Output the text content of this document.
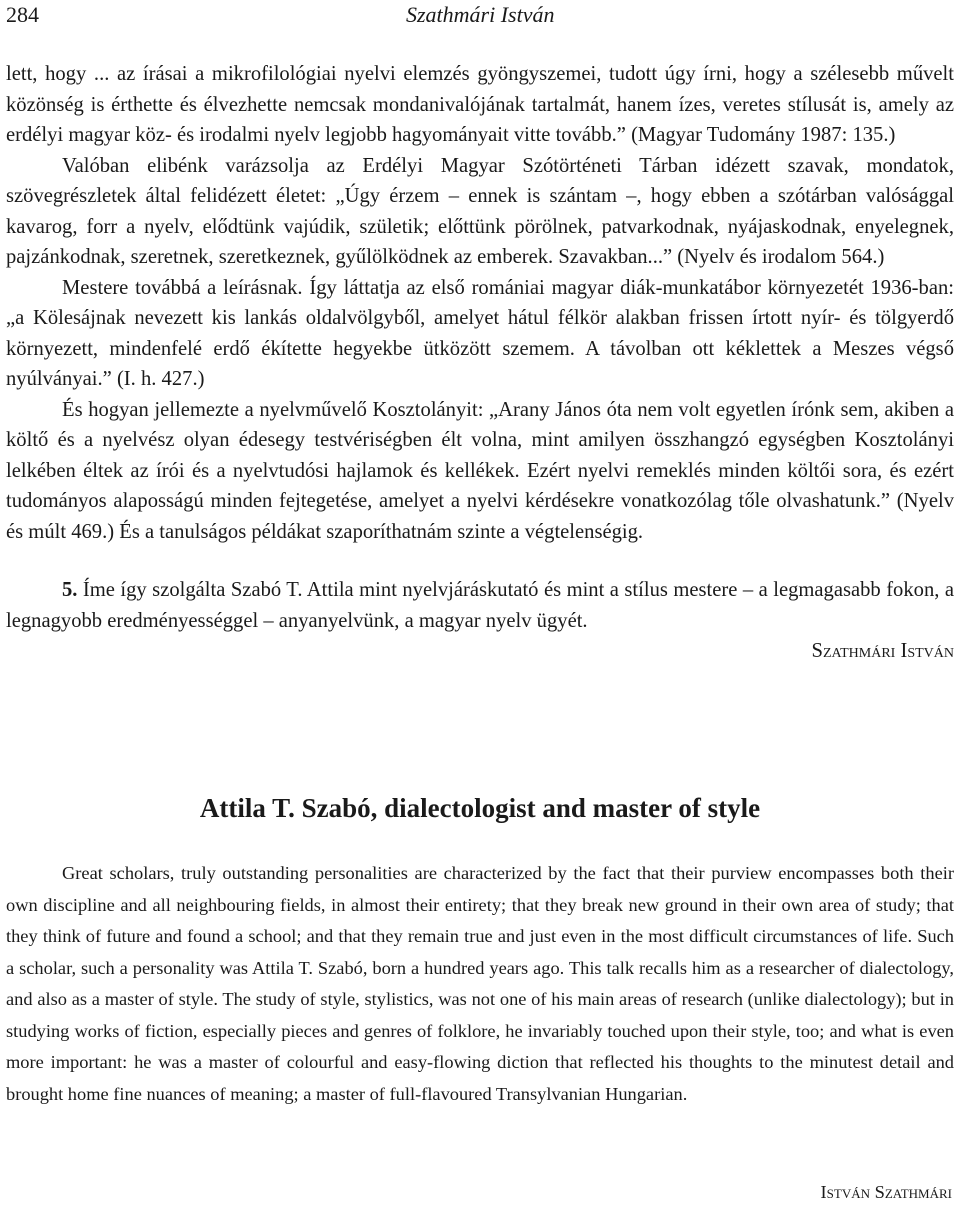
284	Szathmári István

lett, hogy ... az írásai a mikrofilológiai nyelvi elemzés gyöngyszemei, tudott úgy írni, hogy a szélesebb művelt közönség is érthette és élvezhette nemcsak mondanivalójának tartalmát, hanem ízes, veretes stílusát is, amely az erdélyi magyar köz- és irodalmi nyelv legjobb hagyományait vitte tovább.” (Magyar Tudomány 1987: 135.)

Valóban elibénk varázsolja az Erdélyi Magyar Szótörténeti Tárban idézett szavak, mondatok, szövegrészletek által felidézett életet: „Úgy érzem – ennek is szántam –, hogy ebben a szótárban valósággal kavarog, forr a nyelv, elődtünk vajúdik, születik; előttünk pörölnek, patvarkodnak, nyájaskodnak, enyelegnek, pajzánkodnak, szeretnek, szeretkeznek, gyűlölködnek az emberek. Szavakban...” (Nyelv és irodalom 564.)

Mestere továbbá a leírásnak. Így láttatja az első romániai magyar diák-munkatábor környezetét 1936-ban: „a Kölesájnak nevezett kis lankás oldalvölgyből, amelyet hátul félkör alakban frissen írtott nyír- és tölgyerdő környezett, mindenfelé erdő ékítette hegyekbe ütközött szemem. A távolban ott kéklettek a Meszes végső nyúlványai.” (I. h. 427.)

És hogyan jellemezte a nyelvművelő Kosztolányit: „Arany János óta nem volt egyetlen írónk sem, akiben a költő és a nyelvész olyan édesegy testvériségben élt volna, mint amilyen összhangzó egységben Kosztolányi lelkében éltek az írói és a nyelvtudósi hajlamok és kellékek. Ezért nyelvi remeklés minden költői sora, és ezért tudományos alaposságú minden fejtegetése, amelyet a nyelvi kérdésekre vonatkozólag tőle olvashatunk.” (Nyelv és múlt 469.) És a tanulságos példákat szaporíthatnám szinte a végtelenségig.

5. Íme így szolgálta Szabó T. Attila mint nyelvjáráskutató és mint a stílus mestere – a legmagasabb fokon, a legnagyobb eredményességgel – anyanyelvünk, a magyar nyelv ügyét.

Szathmári István

Attila T. Szabó, dialectologist and master of style

Great scholars, truly outstanding personalities are characterized by the fact that their purview encompasses both their own discipline and all neighbouring fields, in almost their entirety; that they break new ground in their own area of study; that they think of future and found a school; and that they remain true and just even in the most difficult circumstances of life. Such a scholar, such a personality was Attila T. Szabó, born a hundred years ago. This talk recalls him as a researcher of dialectology, and also as a master of style. The study of style, stylistics, was not one of his main areas of research (unlike dialectology); but in studying works of fiction, especially pieces and genres of folklore, he invariably touched upon their style, too; and what is even more important: he was a master of colourful and easy-flowing diction that reflected his thoughts to the minutest detail and brought home fine nuances of meaning; a master of full-flavoured Transylvanian Hungarian.

István Szathmári
